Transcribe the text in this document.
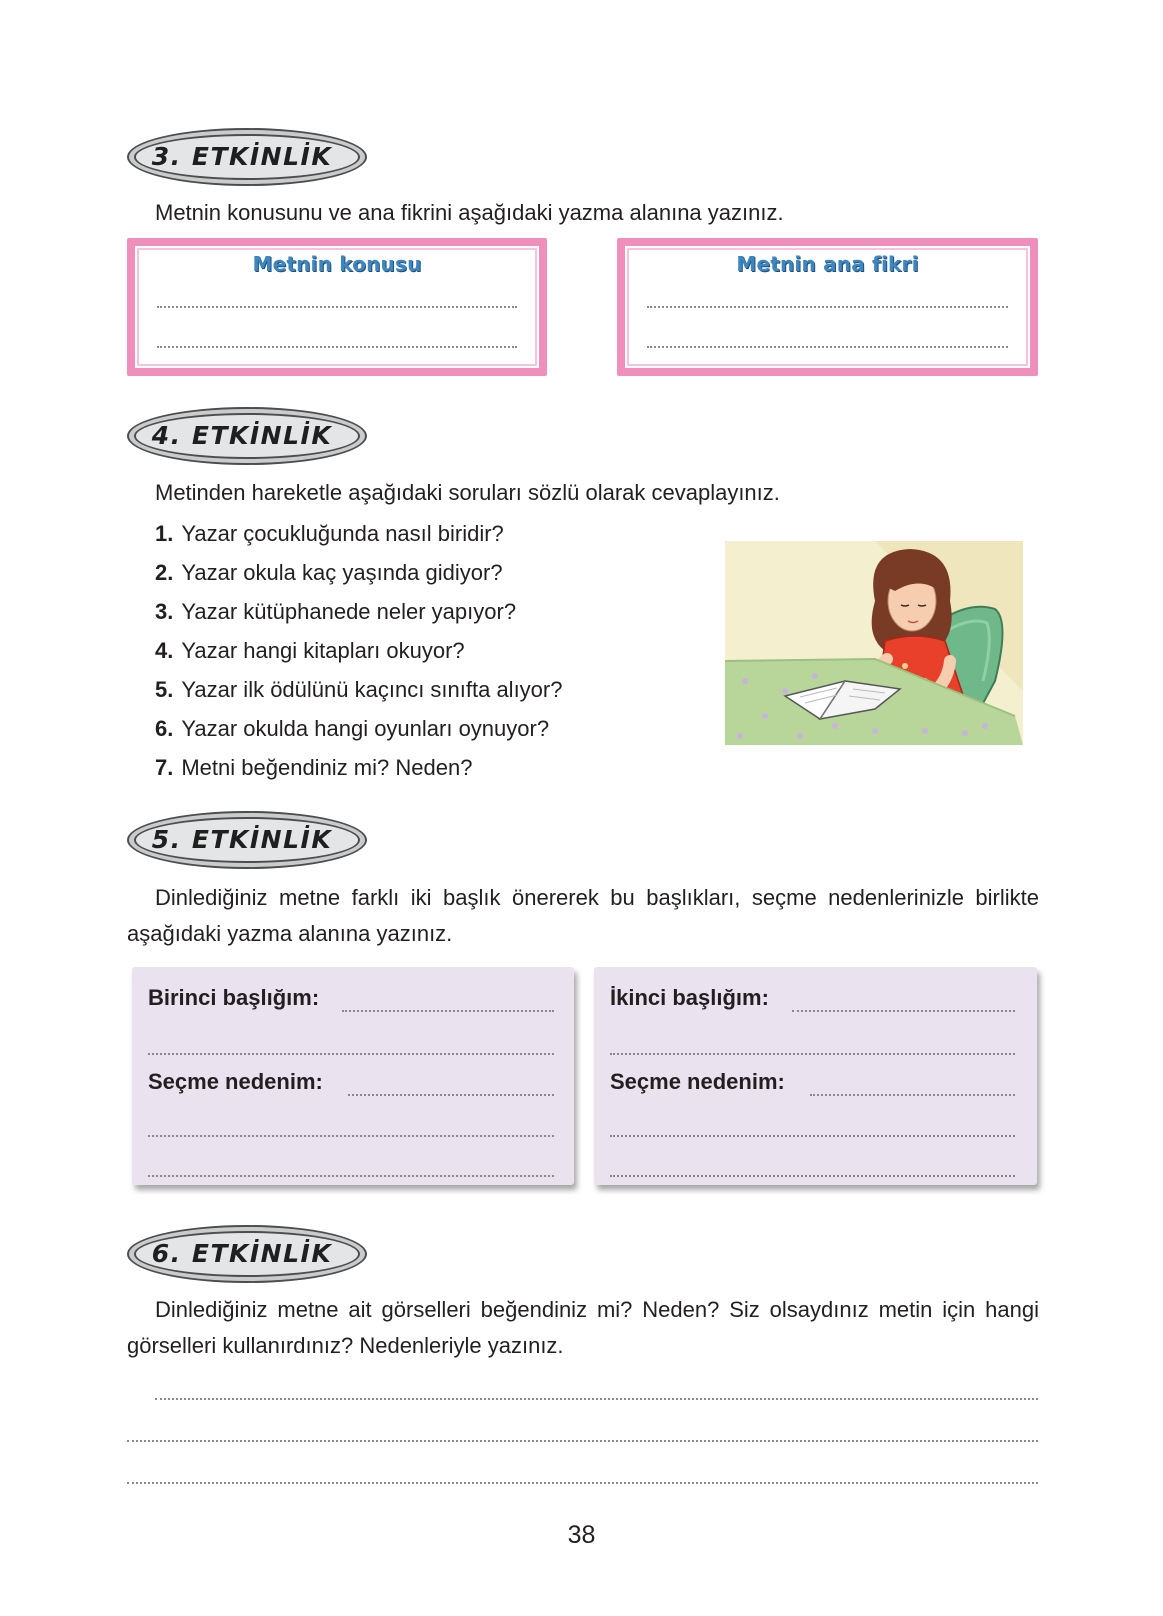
3. ETKİNLİK
Metnin konusunu ve ana fikrini aşağıdaki yazma alanına yazınız.
Metnin konusu	Metnin ana fikri
4. ETKİNLİK
Metinden hareketle aşağıdaki soruları sözlü olarak cevaplayınız.
1. Yazar çocukluğunda nasıl biridir?
2. Yazar okula kaç yaşında gidiyor?
3. Yazar kütüphanede neler yapıyor?
4. Yazar hangi kitapları okuyor?
5. Yazar ilk ödülünü kaçıncı sınıfta alıyor?
6. Yazar okulda hangi oyunları oynuyor?
7. Metni beğendiniz mi? Neden?
5. ETKİNLİK
Dinlediğiniz metne farklı iki başlık önererek bu başlıkları, seçme nedenlerinizle birlikte aşağıdaki yazma alanına yazınız.
Birinci başlığım:
Seçme nedenim:
İkinci başlığım:
Seçme nedenim:
6. ETKİNLİK
Dinlediğiniz metne ait görselleri beğendiniz mi? Neden? Siz olsaydınız metin için hangi görselleri kullanırdınız? Nedenleriyle yazınız.
38
